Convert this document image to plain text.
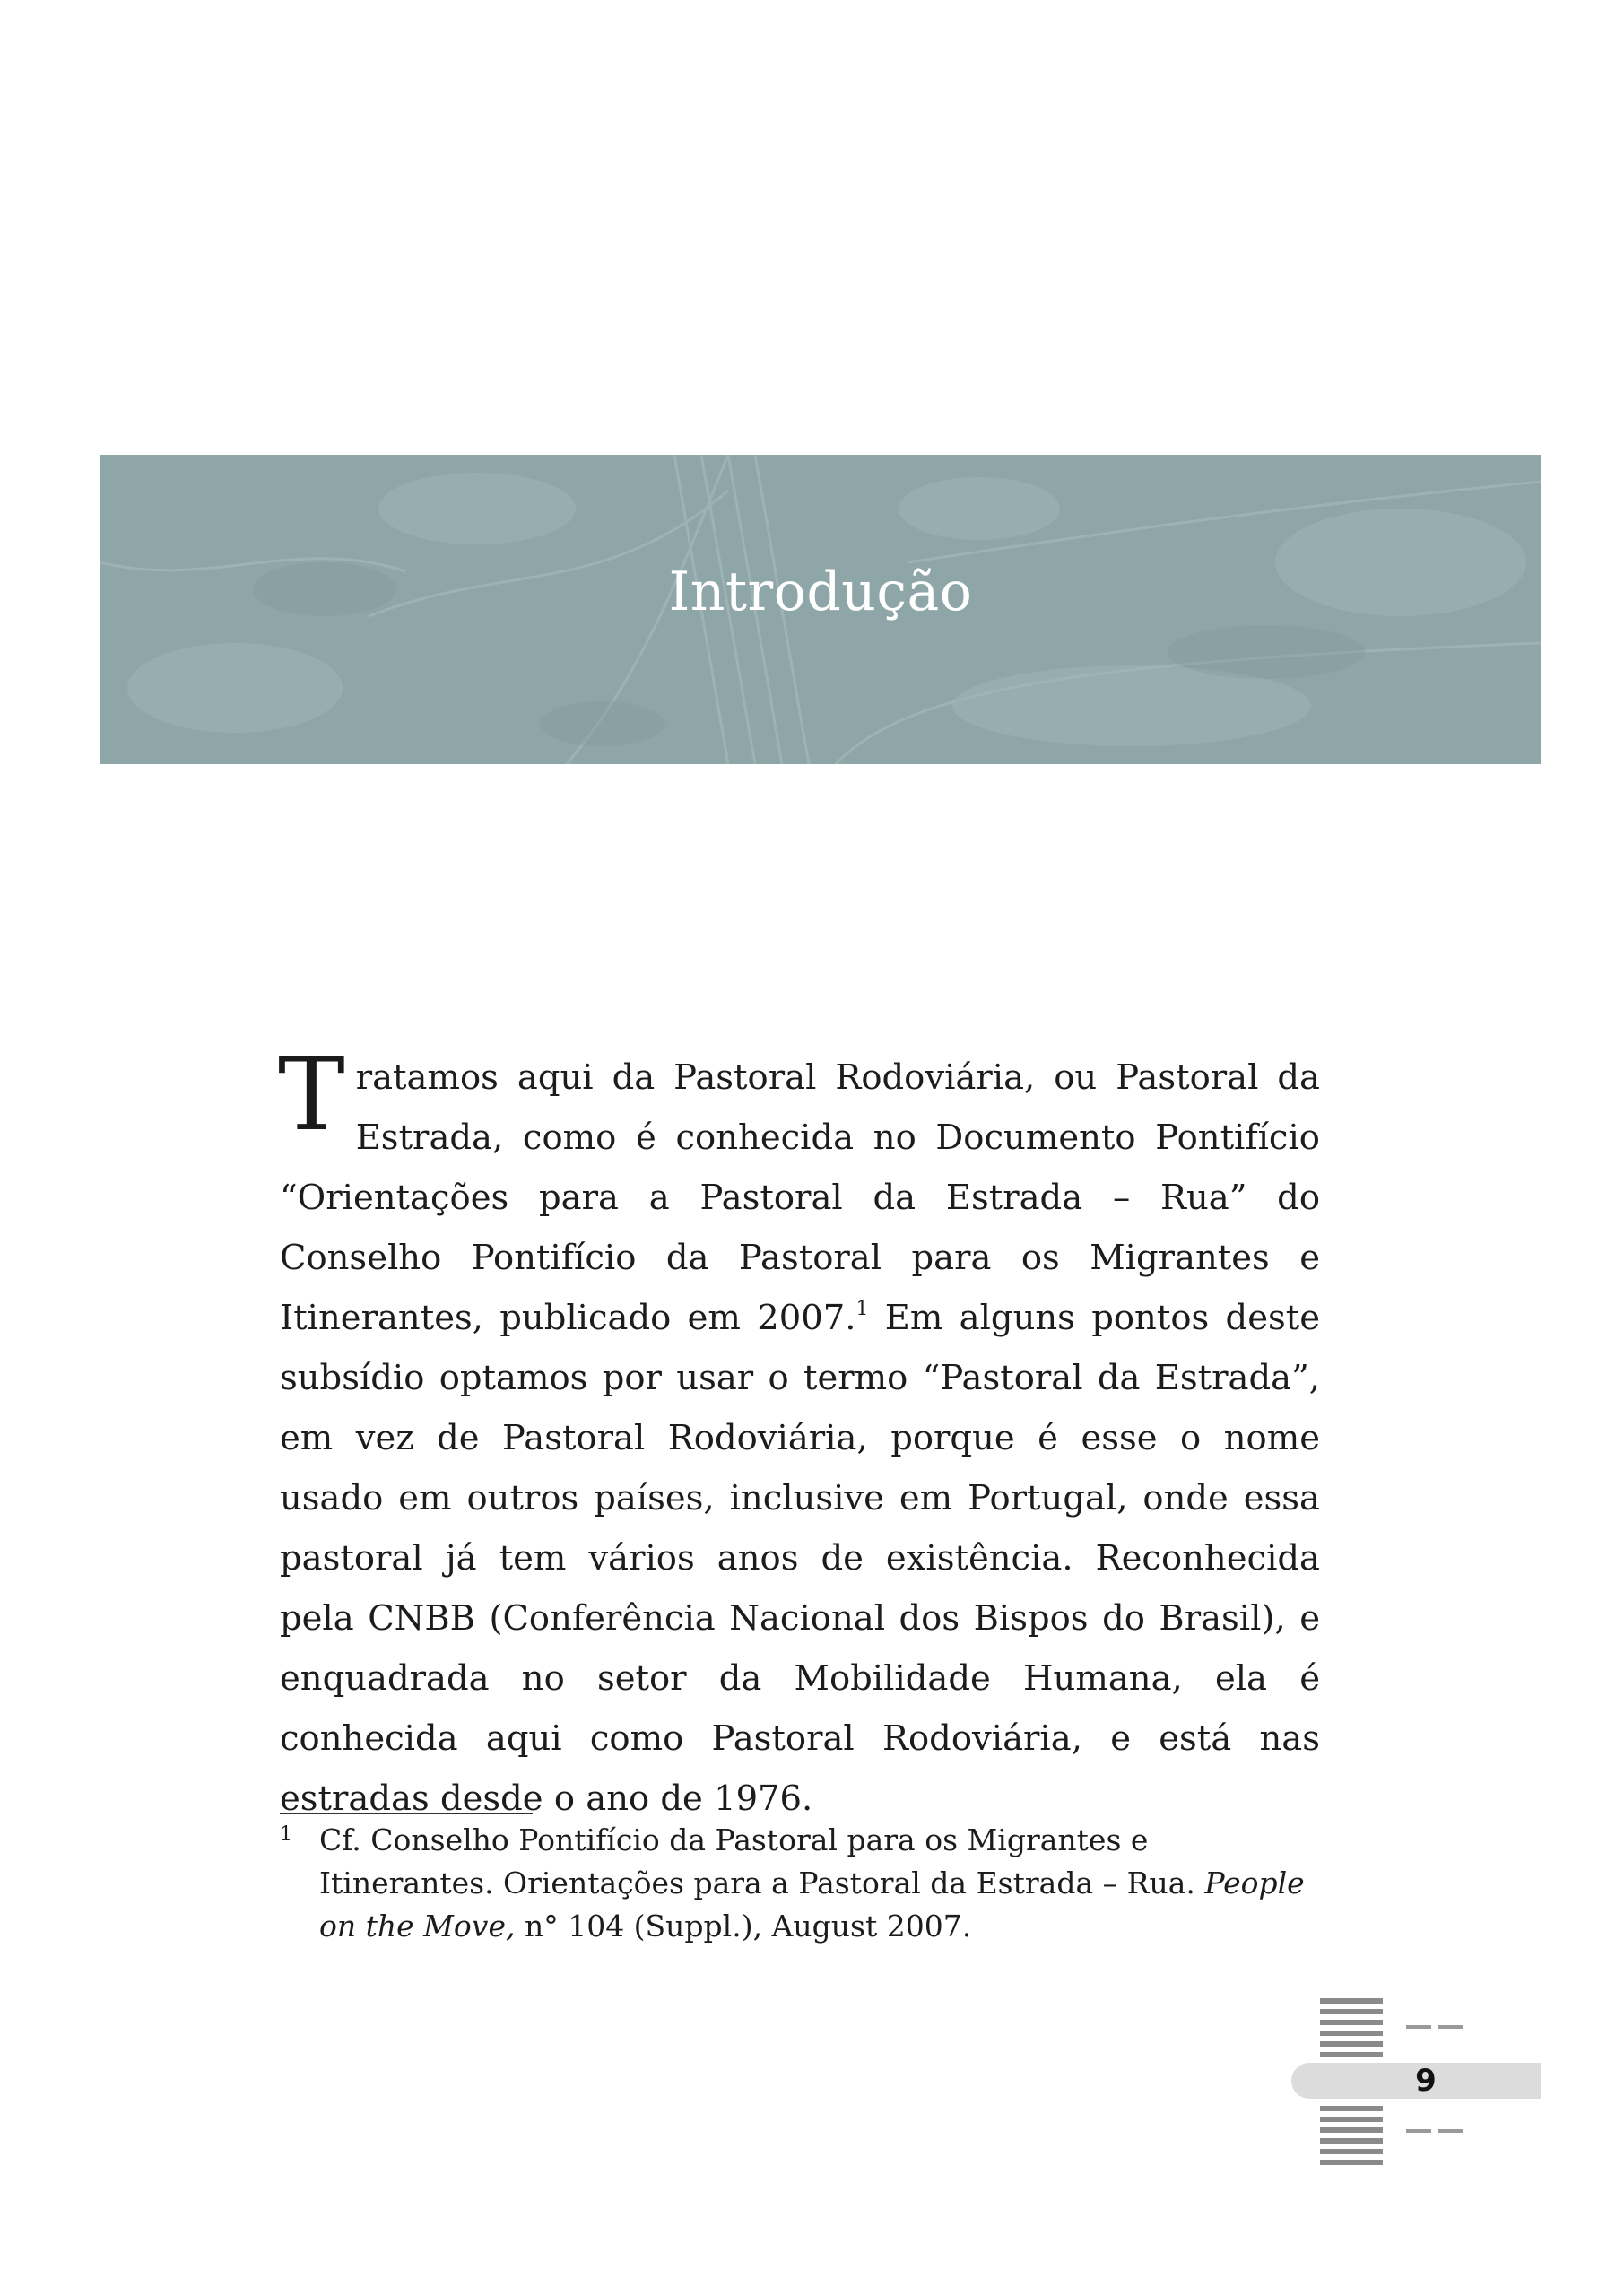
Introdução

Tratamos aqui da Pastoral Rodoviária, ou Pastoral da Estrada, como é conhecida no Documento Pontifício “Orientações para a Pastoral da Estrada – Rua” do Conselho Pontifício da Pastoral para os Migrantes e Itinerantes, publicado em 2007.$^1$ Em alguns pontos deste subsídio optamos por usar o termo “Pastoral da Estrada”, em vez de Pastoral Rodoviária, porque é esse o nome usado em outros países, inclusive em Portugal, onde essa pastoral já tem vários anos de existência. Reconhecida pela CNBB (Conferência Nacional dos Bispos do Brasil), e enquadrada no setor da Mobilidade Humana, ela é conhecida aqui como Pastoral Rodoviária, e está nas estradas desde o ano de 1976.

1 Cf. Conselho Pontifício da Pastoral para os Migrantes e Itinerantes. Orientações para a Pastoral da Estrada – Rua. People on the Move, n° 104 (Suppl.), August 2007.
9
